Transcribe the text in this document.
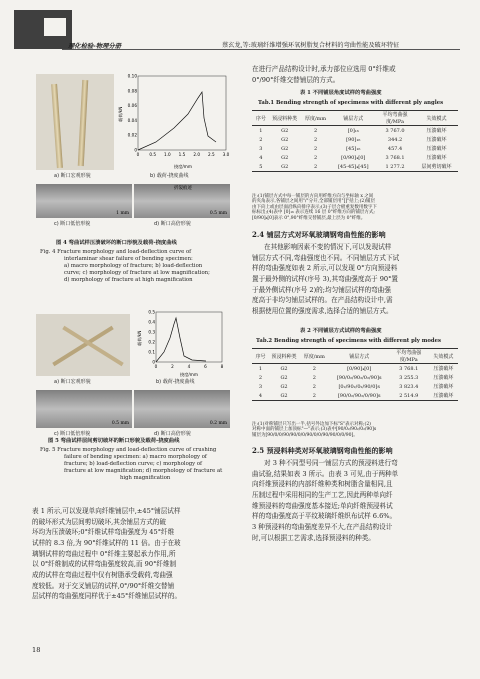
理化检验-物理分册	蔡玄龙,等:玻璃纤维增强环氧树脂复合材料的弯曲性能及破坏特征
a) 断口宏观形貌
0.10
0.08
0.06
0.04
0.02
0
0 0.5 1.0 1.5 2.0 2.5 3.0
载荷/kN
挠度/mm
b) 载荷-挠度曲线
1 mm
折裂痕迹
0.5 mm
c) 断口低倍形貌	d) 断口高倍形貌
图 4 弯曲试样压溃破坏的断口形貌及载荷-挠度曲线
Fig. 4 Fracture morphology and load-deflection curve of
interlaminar shear failure of bending specimen:
a) macro morphology of fracture; b) load-deflection
curve; c) morphology of fracture at low magnification;
d) morphology of fracture at high magnification
a) 断口宏观形貌
0.5
0.4
0.3
0.2
0.1
0
0	2	4	6	8
载荷/kN
挠度/mm
b) 载荷-挠度曲线
0.5 mm	0.2 mm
c) 断口低倍形貌	d) 断口高倍形貌
图 5 弯曲试样层间剪切破坏的断口形貌及载荷-挠度曲线
Fig. 5 Fracture morphology and load-deflection curve of crushing
failure of bending specimen: a) macro morphology of
fracture; b) load-deflection curve; c) morphology of
fracture at low magnification; d) morphology of fracture at
high magnification
表 1 所示,可以发现单向纤维铺层中,±45°铺层试样
的破坏形式为层间剪切破坏,其余铺层方式的破
坏均为压溃破坏;0°纤维试样弯曲强度为 45°纤维
试样的 8.3 倍,为 90°纤维试样的 11 倍。由于在玻
璃钢试样的弯曲过程中 0°纤维主要起承力作用,所
以 0°纤维制成的试样弯曲强度较高,而 90°纤维制
成的试样在弯曲过程中仅有树脂承受载荷,弯曲强
度较低。对于交叉铺层的试样,0°/90°纤维交替铺
层试样的弯曲强度同样优于±45°纤维铺层试样的。
18
在进行产品结构设计时,承力部位应选用 0°纤维或
0°/90°纤维交替铺层的方式。
表 1 不同铺层角度试样的弯曲强度
Tab.1 Bending strength of specimens with different ply angles
序号	预浸料种类	厚度/mm	铺层方式	平均弯曲强度/MPa	失效模式
1	G2	2	[0]₁₆	3 767.0	压溃破坏
2	G2	2	[90]₁₆	344.2	压溃破坏
3	G2	2	[45]₁₆	457.4	压溃破坏
4	G2	2	[0/90]₄[0]	3 768.1	压溃破坏
5	G2	2	[45-45]₄[45]	1 277.2	层间剪切破坏
注:(1)铺层方式中每一铺层的方向用纤维方向与坐标轴 x 之间
的夹角表示,各铺层之间用"/"分开,全部铺层用"[]"括上;(2)铺层
由下向上或由层面沿纵向排序表示;(3)子层合板重复数用数字下
标标出;(4)表中 [0]₁₆ 表示连续 16 层 0°纤维方向的铺层方式;
[0/90]₄[0]表示 0°,90°纤维交替铺层,最上层为 0°纤维。
2.4 铺层方式对环氧玻璃钢弯曲性能的影响
在其他影响因素不变的情况下,可以发现试样
铺层方式不同,弯曲强度也不同。不同铺层方式下试
样的弯曲强度如表 2 所示,可以发现 0°方向预浸料
置于最外侧的试样(序号 3),其弯曲强度高于 90°置
于最外侧试样(序号 2)的;均匀铺层试样的弯曲强
度高于非均匀铺层试样的。在产品结构设计中,需
根据使用位置的强度需求,选择合适的铺层方式。
表 2 不同铺层方式试样的弯曲强度
Tab.2 Bending strength of specimens with different ply modes
序号	预浸料种类	厚度/mm	铺层方式	平均弯曲强度/MPa	失效模式
1	G2	2	[0/90]₄[0]	3 768.1	压溃破坏
2	G2	2	[90/0₂/90₂/0₂/90]s	3 255.3	压溃破坏
3	G2	2	[0₂/90₂/0₂/90/0]s	3 823.4	压溃破坏
4	G2	2	[90/0₂/90₂/0/90]s	2 514.9	压溃破坏
注:(1)对称铺层只写出一半,括号外边加下标"S"表示对称;(2)
对称中面的铺层上加顶标"—"表示;(3)表中[90/0₂/90₂/0₂/90]s
铺层为[90/0/0/90/90/0/0/90/0/0/90/90/0/0/90]。
2.5 预浸料种类对环氧玻璃钢弯曲性能的影响
对 3 种不同型号同一铺层方式的预浸料进行弯
曲试验,结果如表 3 所示。由表 3 可见,由于两种单
向纤维预浸料的内部纤维种类和树脂含量相同,且
压制过程中采用相同的生产工艺,因此两种单向纤
维预浸料的弯曲强度基本接近;单向纤维预浸料试
样的弯曲强度高于平纹玻璃纤维织布试样 6.6%。
3 种预浸料的弯曲强度差异不大,在产品结构设计
时,可以根据工艺需求,选择预浸料的种类。
